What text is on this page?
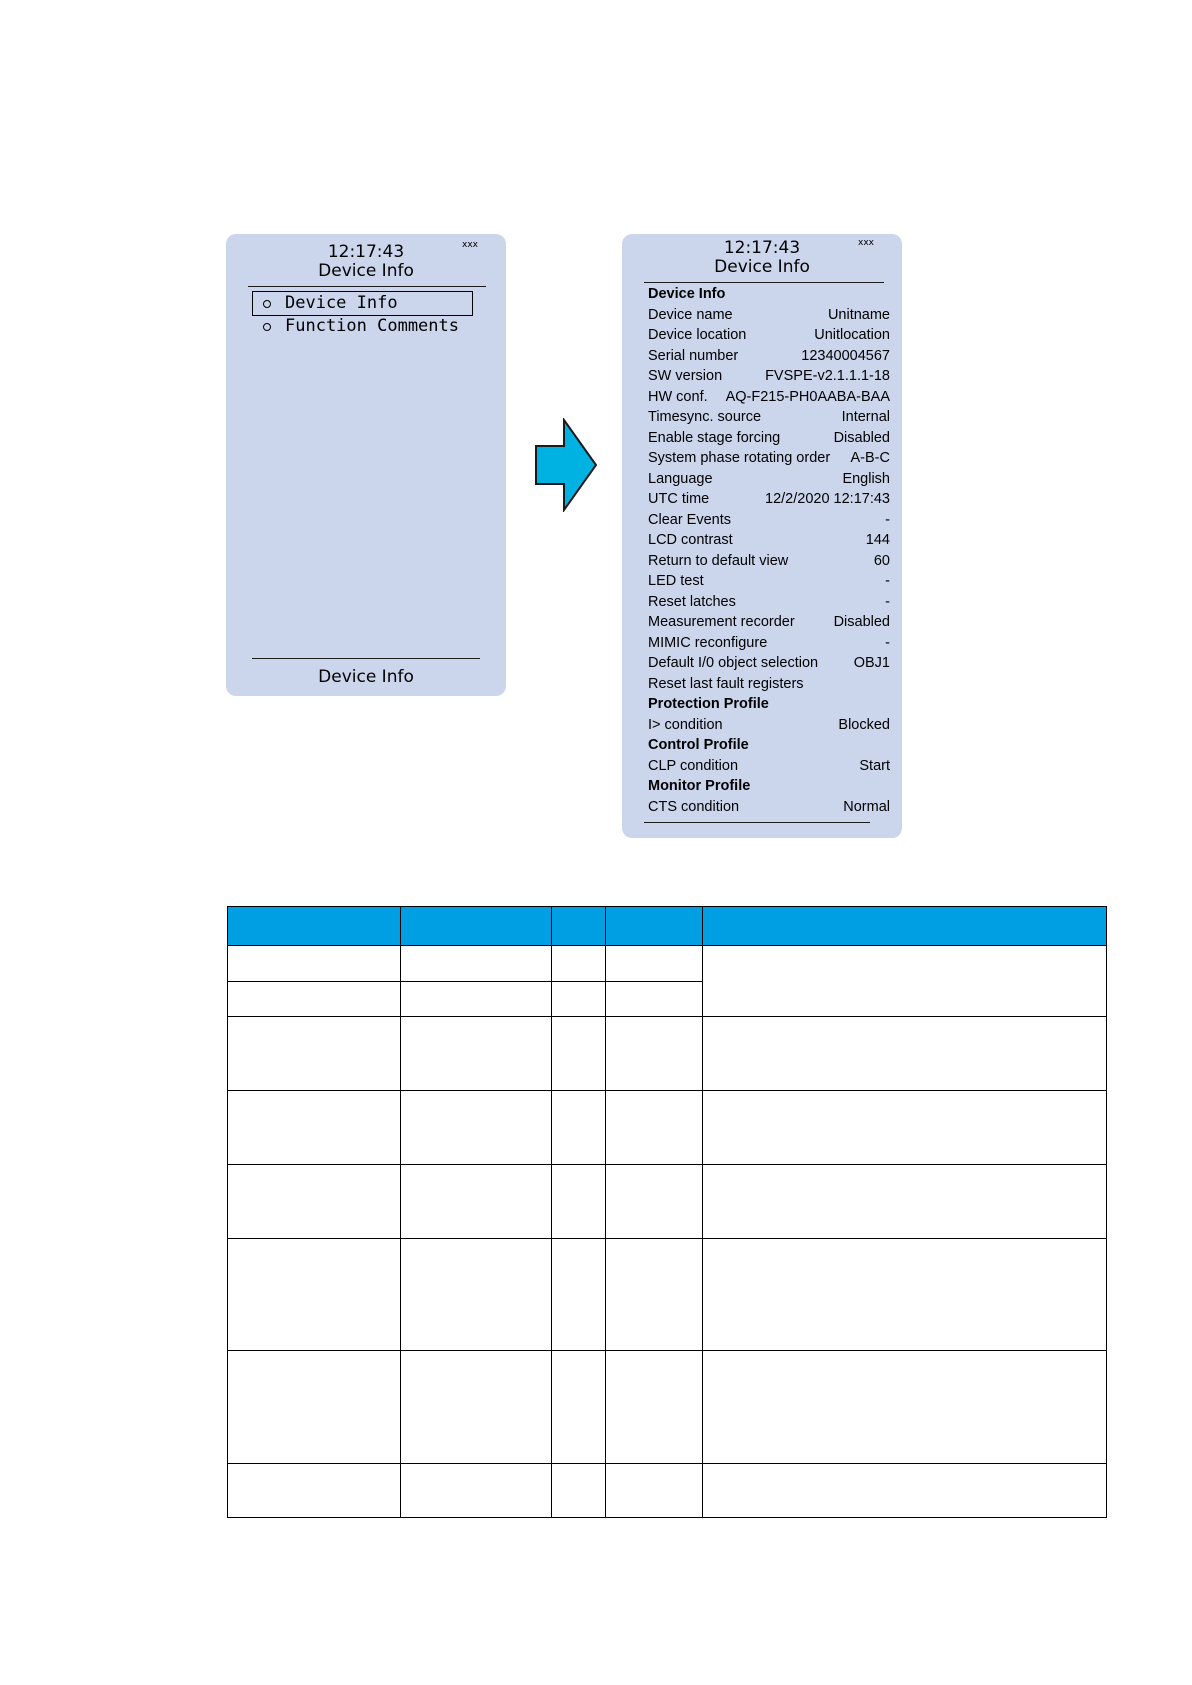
12:17:43	xxx
Device Info
Device Info
Function Comments
Device Info
12:17:43	xxx
Device Info
Device Info
Device name	Unitname
Device location	Unitlocation
Serial number	12340004567
SW version	FVSPE-v2.1.1.1-18
HW conf. AQ-F215-PH0AABA-BAA
Timesync. source	Internal
Enable stage forcing	Disabled
System phase rotating order A-B-C
Language	English
UTC time	12/2/2020 12:17:43
Clear Events	-
LCD contrast	144
Return to default view	60
LED test	-
Reset latches	-
Measurement recorder	Disabled
MIMIC reconfigure	-
Default I/0 object selection OBJ1
Reset last fault registers
Protection Profile
I> condition	Blocked
Control Profile
CLP condition	Start
Monitor Profile
CTS condition	Normal
